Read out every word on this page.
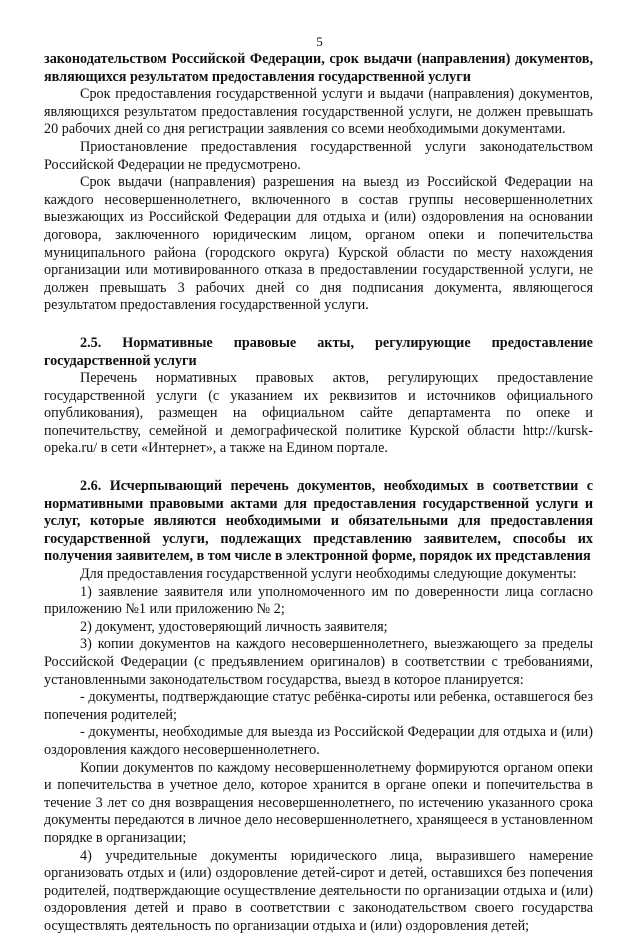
5

законодательством Российской Федерации, срок выдачи (направления) документов, являющихся результатом предоставления государственной услуги

Срок предоставления государственной услуги и выдачи (направления) документов, являющихся результатом предоставления государственной услуги, не должен превышать 20 рабочих дней со дня регистрации заявления со всеми необходимыми документами.

Приостановление предоставления государственной услуги законодательством Российской Федерации не предусмотрено.

Срок выдачи (направления) разрешения на выезд из Российской Федерации на каждого несовершеннолетнего, включенного в состав группы несовершеннолетних выезжающих из Российской Федерации для отдыха и (или) оздоровления на основании договора, заключенного юридическим лицом, органом опеки и попечительства муниципального района (городского округа) Курской области по месту нахождения организации или мотивированного отказа в предоставлении государственной услуги, не должен превышать 3 рабочих дней со дня подписания документа, являющегося результатом предоставления государственной услуги.

2.5. Нормативные правовые акты, регулирующие предоставление

государственной услуги

Перечень нормативных правовых актов, регулирующих предоставление государственной услуги (с указанием их реквизитов и источников официального опубликования), размещен на официальном сайте департамента по опеке и попечительству, семейной и демографической политике Курской области http://kursk-opeka.ru/ в сети «Интернет», а также на Едином портале.

2.6. Исчерпывающий перечень документов, необходимых в соответствии с нормативными правовыми актами для предоставления государственной услуги и услуг, которые являются необходимыми и обязательными для предоставления государственной услуги, подлежащих представлению заявителем, способы их получения заявителем, в том числе в электронной форме, порядок их представления

Для предоставления государственной услуги необходимы следующие документы:

1) заявление заявителя или уполномоченного им по доверенности лица согласно приложению №1 или приложению № 2;

2) документ, удостоверяющий личность заявителя;

3) копии документов на каждого несовершеннолетнего, выезжающего за пределы Российской Федерации (с предъявлением оригиналов) в соответствии с требованиями, установленными законодательством государства, выезд в которое планируется:

- документы, подтверждающие статус ребёнка-сироты или ребенка, оставшегося без попечения родителей;

- документы, необходимые для выезда из Российской Федерации для отдыха и (или) оздоровления каждого несовершеннолетнего.

Копии документов по каждому несовершеннолетнему формируются органом опеки и попечительства в учетное дело, которое хранится в органе опеки и попечительства в течение 3 лет со дня возвращения несовершеннолетнего, по истечению указанного срока документы передаются в личное дело несовершеннолетнего, хранящееся в установленном порядке в организации;

4) учредительные документы юридического лица, выразившего намерение организовать отдых и (или) оздоровление детей-сирот и детей, оставшихся без попечения родителей, подтверждающие осуществление деятельности по организации отдыха и (или) оздоровления детей и право в соответствии с законодательством своего государства осуществлять деятельность по организации отдыха и (или) оздоровления детей;
